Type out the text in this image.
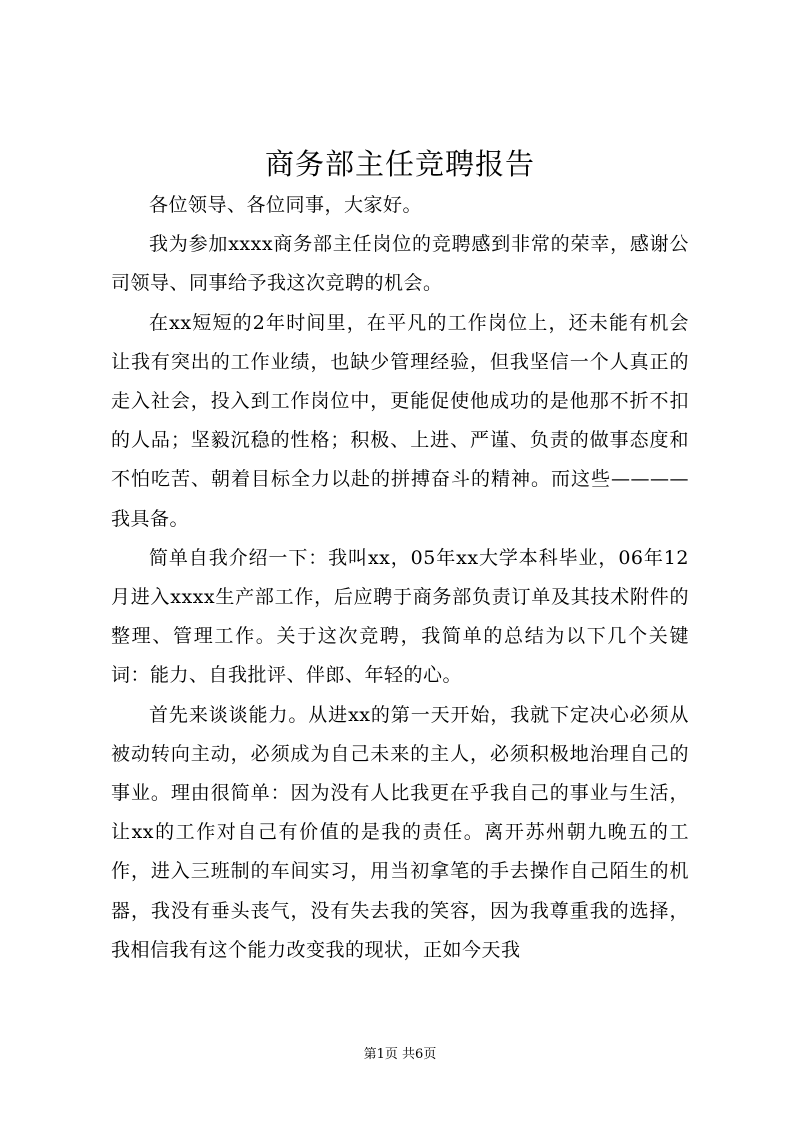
商务部主任竞聘报告

各位领导、各位同事，大家好。

我为参加xxxx商务部主任岗位的竞聘感到非常的荣幸，感谢公司领导、同事给予我这次竞聘的机会。

在xx短短的2年时间里，在平凡的工作岗位上，还未能有机会让我有突出的工作业绩，也缺少管理经验，但我坚信一个人真正的走入社会，投入到工作岗位中，更能促使他成功的是他那不折不扣的人品；坚毅沉稳的性格；积极、上进、严谨、负责的做事态度和不怕吃苦、朝着目标全力以赴的拼搏奋斗的精神。而这些————我具备。

简单自我介绍一下：我叫xx，05年xx大学本科毕业，06年12月进入xxxx生产部工作，后应聘于商务部负责订单及其技术附件的整理、管理工作。关于这次竞聘，我简单的总结为以下几个关键词：能力、自我批评、伴郎、年轻的心。

首先来谈谈能力。从进xx的第一天开始，我就下定决心必须从被动转向主动，必须成为自己未来的主人，必须积极地治理自己的事业。理由很简单：因为没有人比我更在乎我自己的事业与生活，让xx的工作对自己有价值的是我的责任。离开苏州朝九晚五的工作，进入三班制的车间实习，用当初拿笔的手去操作自己陌生的机器，我没有垂头丧气，没有失去我的笑容，因为我尊重我的选择，我相信我有这个能力改变我的现状，正如今天我

第1页 共6页
